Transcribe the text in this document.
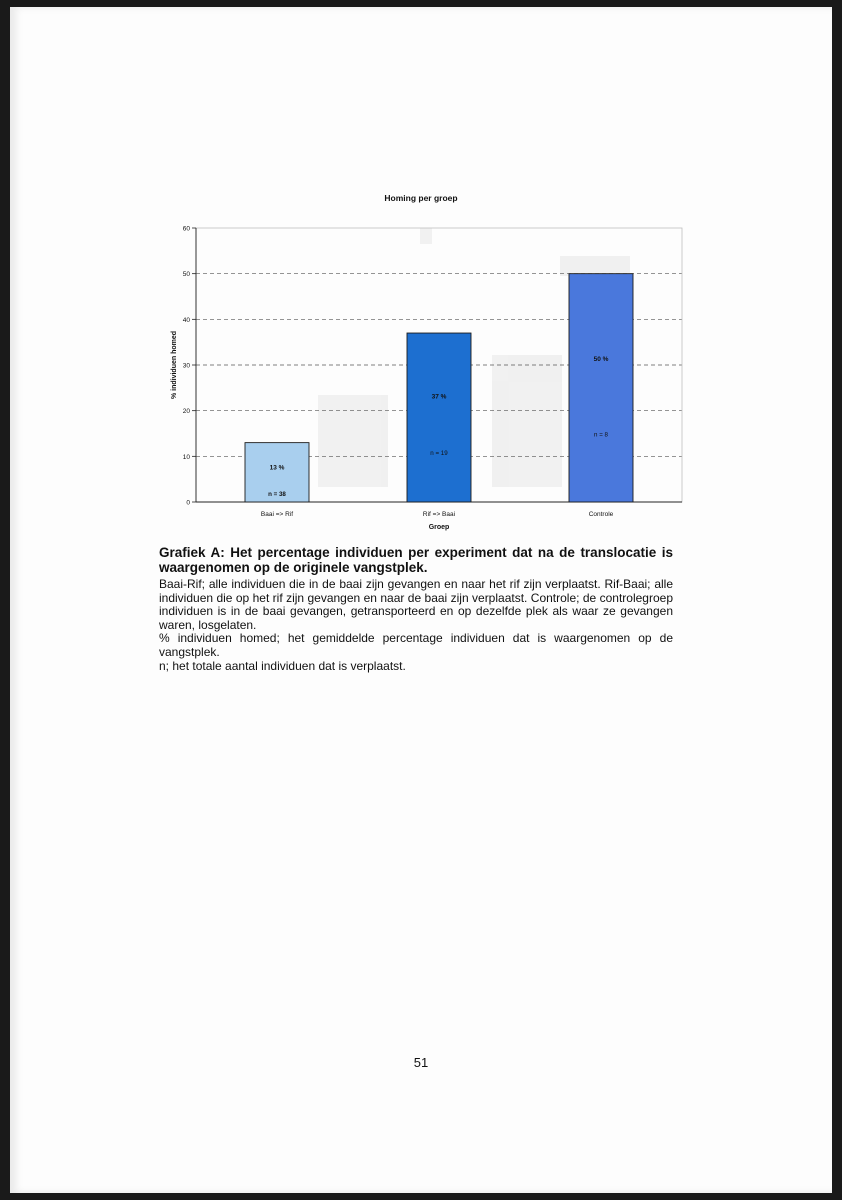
Homing per groep
0
10
20
30
40
50
60
13 %
n = 38
Baai => Rif
37 %
n = 19
Rif => Baai
50 %
n = 8
Controle
Groep
% individuen homed
Grafiek A: Het percentage individuen per experiment dat na de translocatie is waargenomen op de originele vangstplek.

Baai-Rif; alle individuen die in de baai zijn gevangen en naar het rif zijn verplaatst. Rif-Baai; alle individuen die op het rif zijn gevangen en naar de baai zijn verplaatst. Controle; de controlegroep individuen is in de baai gevangen, getransporteerd en op dezelfde plek als waar ze gevangen waren, losgelaten.

% individuen homed; het gemiddelde percentage individuen dat is waargenomen op de vangstplek.

n; het totale aantal individuen dat is verplaatst.

51
